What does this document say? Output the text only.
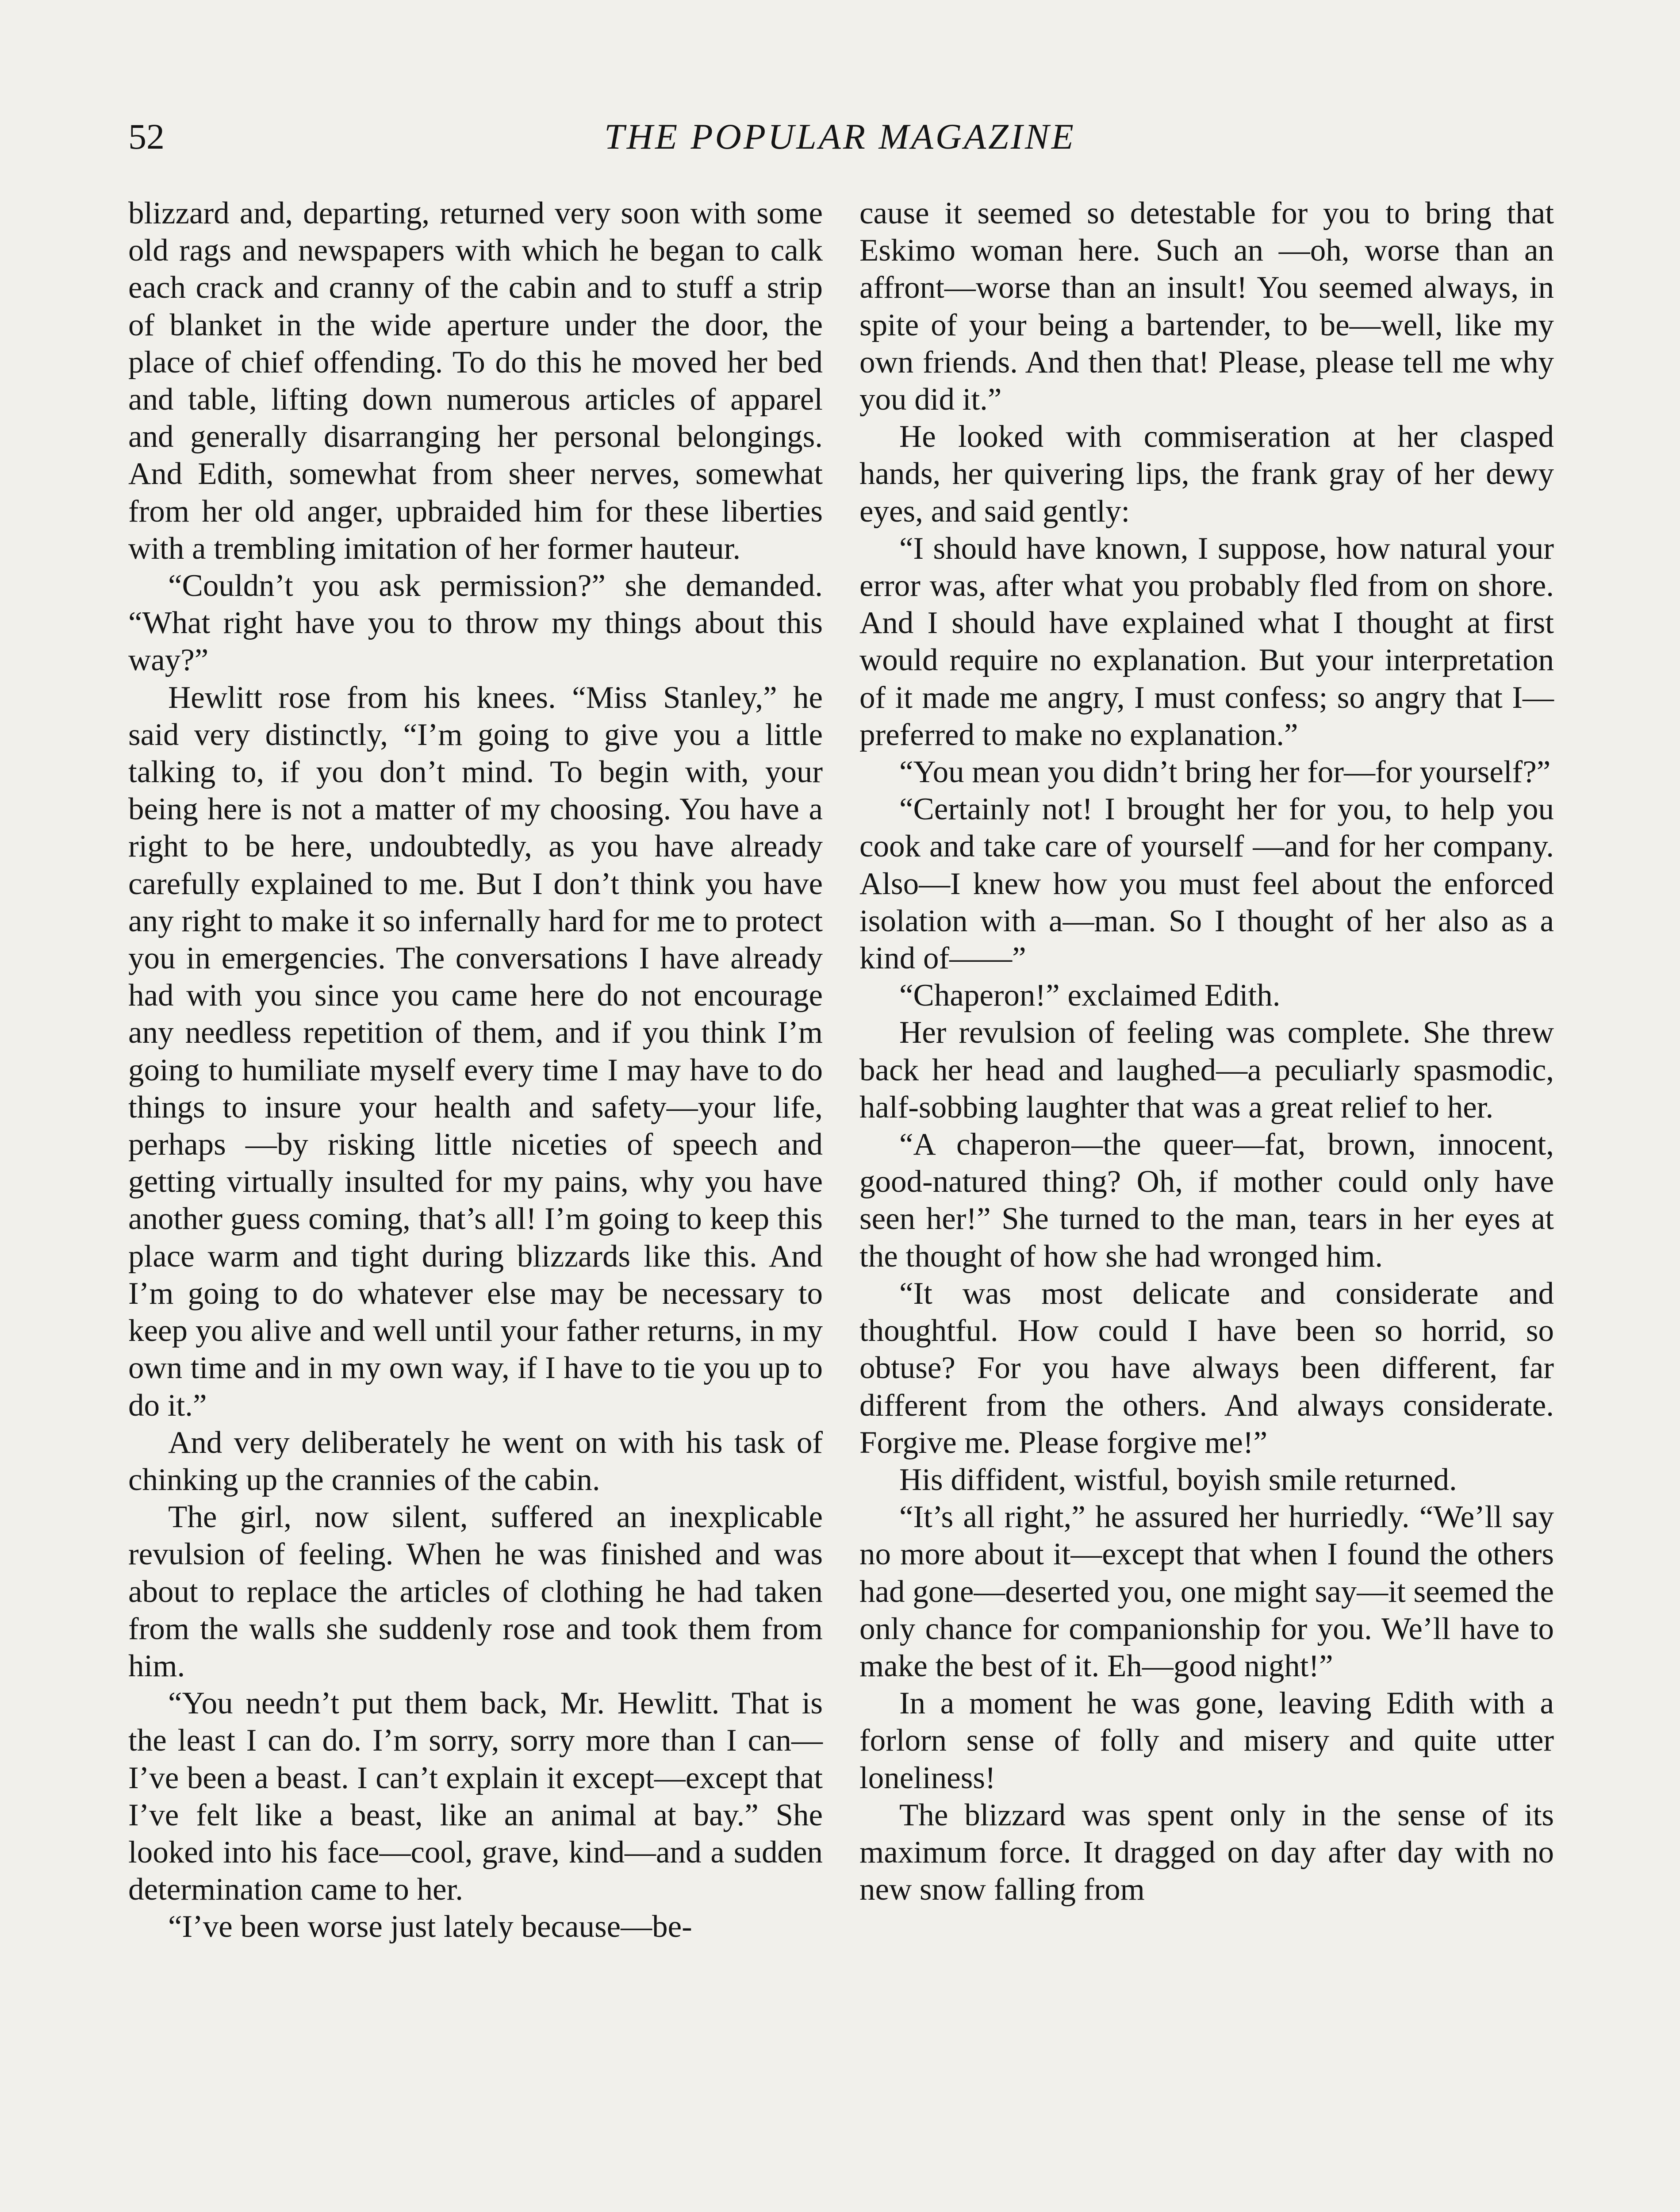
52	THE POPULAR MAGAZINE

blizzard and, departing, returned very soon with some old rags and newspapers with which he began to calk each crack and cranny of the cabin and to stuff a strip of blanket in the wide aperture under the door, the place of chief offending. To do this he moved her bed and table, lifting down numerous articles of apparel and generally disarranging her personal belongings. And Edith, somewhat from sheer nerves, somewhat from her old anger, upbraided him for these liberties with a trembling imitation of her former hauteur.

“Couldn’t you ask permission?” she demanded. “What right have you to throw my things about this way?”

Hewlitt rose from his knees. “Miss Stanley,” he said very distinctly, “I’m going to give you a little talking to, if you don’t mind. To begin with, your being here is not a matter of my choosing. You have a right to be here, undoubtedly, as you have already carefully explained to me. But I don’t think you have any right to make it so infernally hard for me to protect you in emergencies. The conversations I have already had with you since you came here do not encourage any needless repetition of them, and if you think I’m going to humiliate myself every time I may have to do things to insure your health and safety—your life, perhaps —by risking little niceties of speech and getting virtually insulted for my pains, why you have another guess coming, that’s all! I’m going to keep this place warm and tight during blizzards like this. And I’m going to do whatever else may be necessary to keep you alive and well until your father returns, in my own time and in my own way, if I have to tie you up to do it.”

And very deliberately he went on with his task of chinking up the crannies of the cabin.

The girl, now silent, suffered an inexplicable revulsion of feeling. When he was finished and was about to replace the articles of clothing he had taken from the walls she suddenly rose and took them from him.

“You needn’t put them back, Mr. Hewlitt. That is the least I can do. I’m sorry, sorry more than I can—I’ve been a beast. I can’t explain it except—except that I’ve felt like a beast, like an animal at bay.” She looked into his face—cool, grave, kind—and a sudden determination came to her.

“I’ve been worse just lately because—be-

cause it seemed so detestable for you to bring that Eskimo woman here. Such an —oh, worse than an affront—worse than an insult! You seemed always, in spite of your being a bartender, to be—well, like my own friends. And then that! Please, please tell me why you did it.”

He looked with commiseration at her clasped hands, her quivering lips, the frank gray of her dewy eyes, and said gently:

“I should have known, I suppose, how natural your error was, after what you probably fled from on shore. And I should have explained what I thought at first would require no explanation. But your interpretation of it made me angry, I must confess; so angry that I—preferred to make no explanation.”

“You mean you didn’t bring her for—for yourself?”

“Certainly not! I brought her for you, to help you cook and take care of yourself —and for her company. Also—I knew how you must feel about the enforced isolation with a—man. So I thought of her also as a kind of——”

“Chaperon!” exclaimed Edith.

Her revulsion of feeling was complete. She threw back her head and laughed—a peculiarly spasmodic, half-sobbing laughter that was a great relief to her.

“A chaperon—the queer—fat, brown, innocent, good-natured thing? Oh, if mother could only have seen her!” She turned to the man, tears in her eyes at the thought of how she had wronged him.

“It was most delicate and considerate and thoughtful. How could I have been so horrid, so obtuse? For you have always been different, far different from the others. And always considerate. Forgive me. Please forgive me!”

His diffident, wistful, boyish smile returned.

“It’s all right,” he assured her hurriedly. “We’ll say no more about it—except that when I found the others had gone—deserted you, one might say—it seemed the only chance for companionship for you. We’ll have to make the best of it. Eh—good night!”

In a moment he was gone, leaving Edith with a forlorn sense of folly and misery and quite utter loneliness!

The blizzard was spent only in the sense of its maximum force. It dragged on day after day with no new snow falling from
